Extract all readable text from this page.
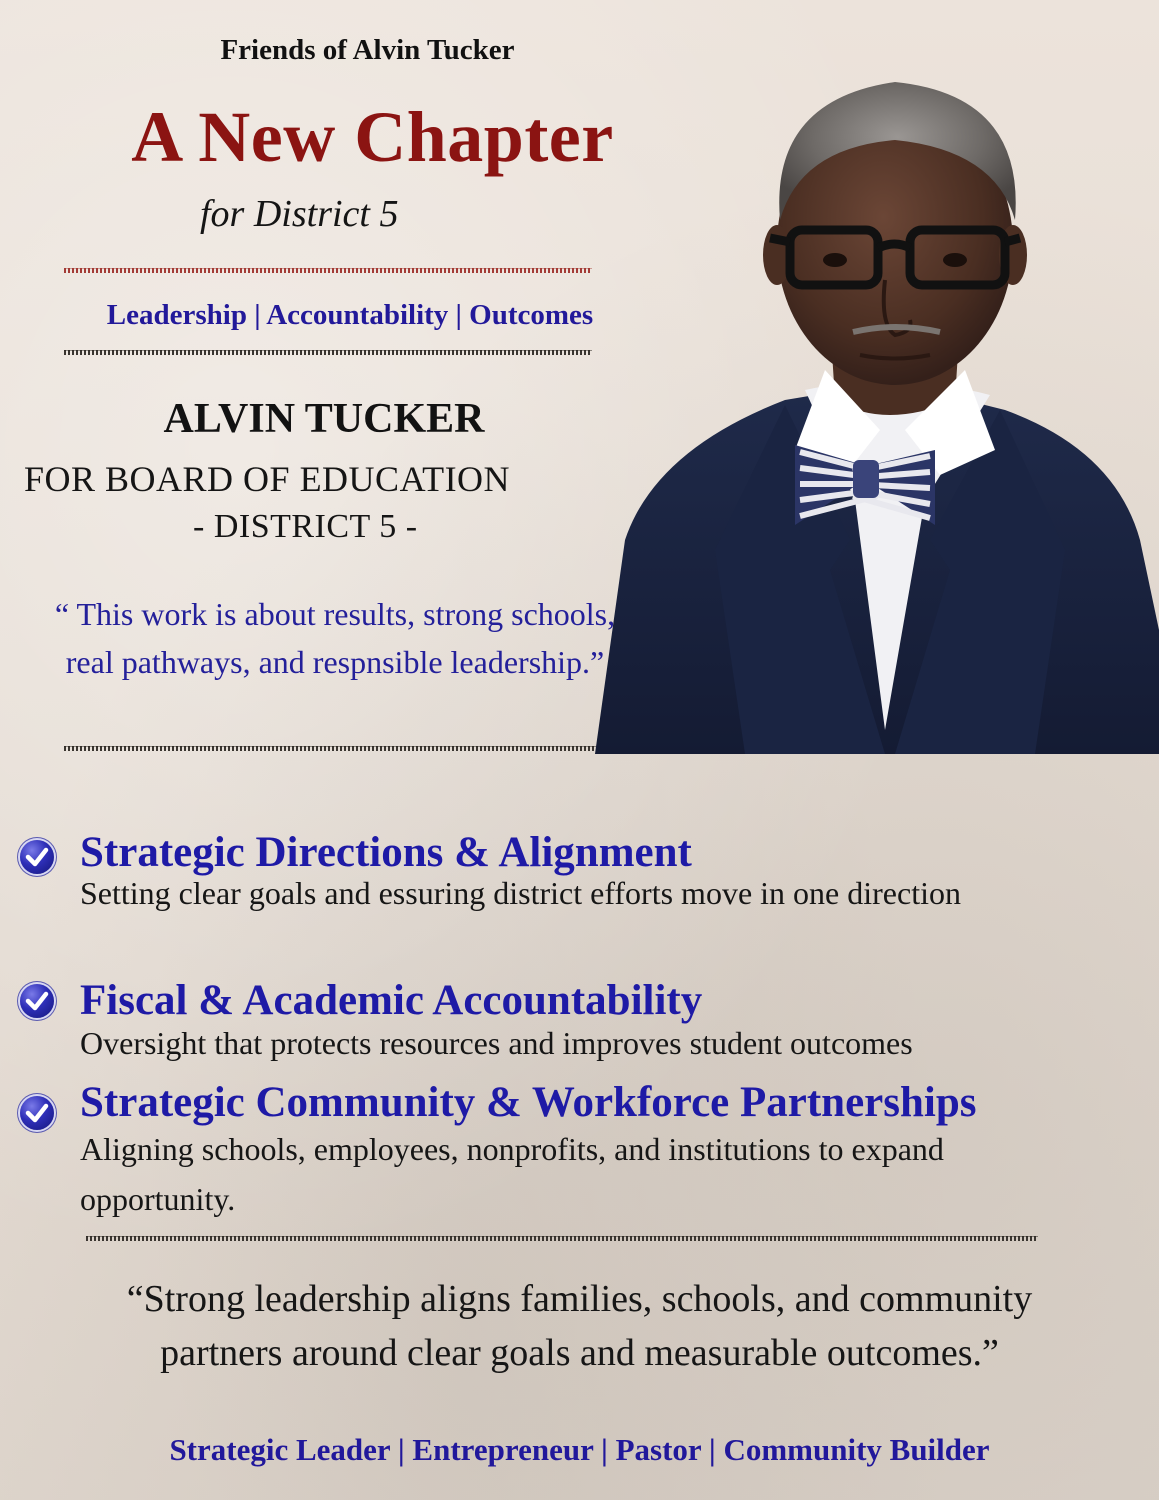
Friends of Alvin Tucker
A New Chapter
for District 5
Leadership | Accountability | Outcomes
ALVIN TUCKER
FOR BOARD OF EDUCATION
- DISTRICT 5 -
“ This work is about results, strong schools, real pathways, and respnsible leadership.”
Strategic Directions & Alignment
Setting clear goals and essuring district efforts move in one direction
Fiscal & Academic Accountability
Oversight that protects resources and improves student outcomes
Strategic Community & Workforce Partnerships
Aligning schools, employees, nonprofits, and institutions to expand opportunity.
“Strong leadership aligns families, schools, and community partners around clear goals and measurable outcomes.”
Strategic Leader | Entrepreneur | Pastor | Community Builder
